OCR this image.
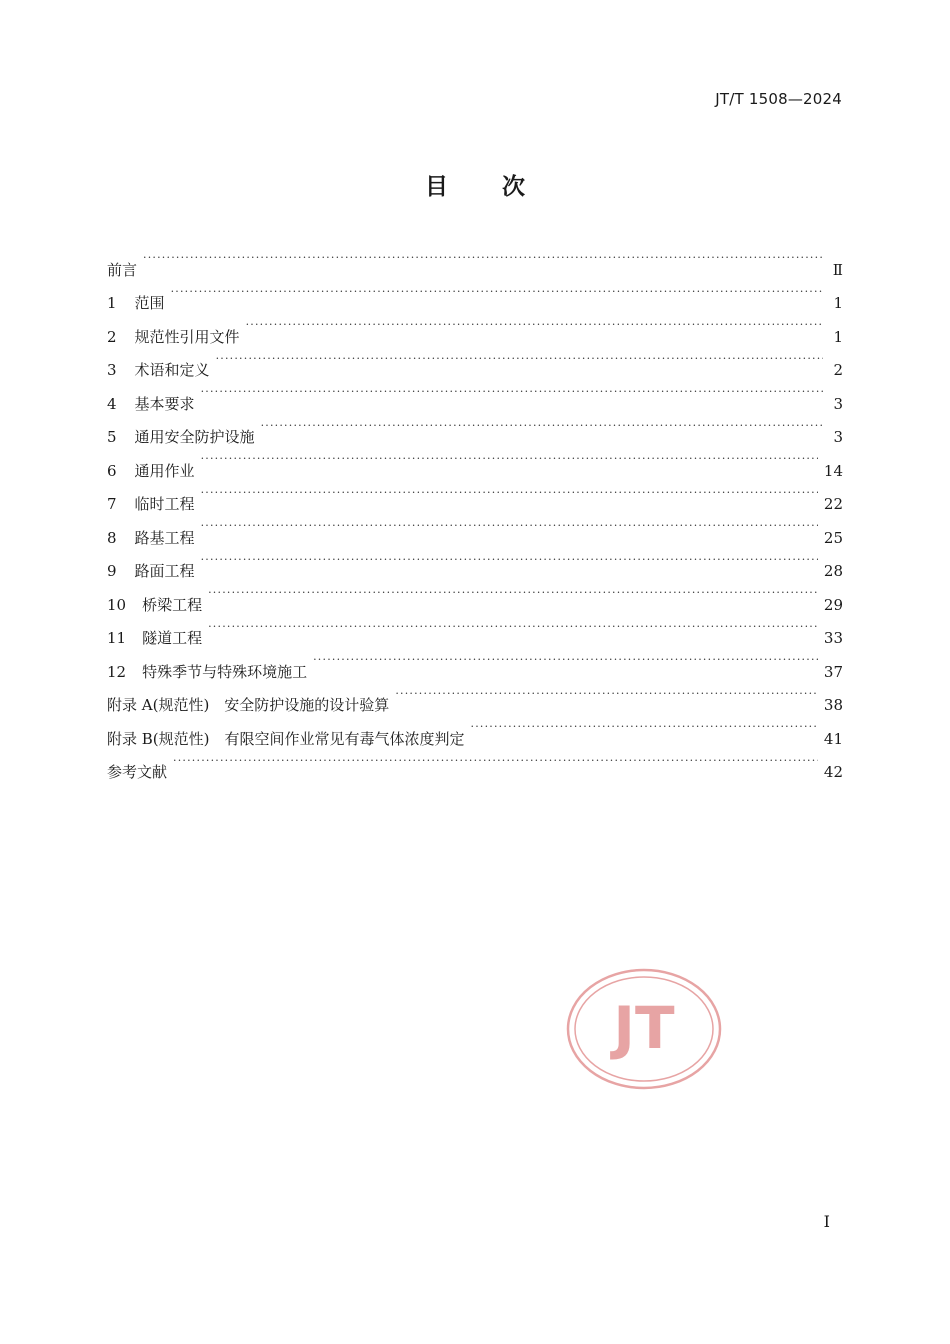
JT/T 1508—2024
目 次
前言 ·····	Ⅱ
1 范围 ·····	1
2 规范性引用文件 ·····	1
3 术语和定义 ·····	2
4 基本要求 ·····	3
5 通用安全防护设施 ·····	3
6 通用作业 ·····	14
7 临时工程 ·····	22
8 路基工程 ·····	25
9 路面工程 ·····	28
10 桥梁工程 ·····	29
11 隧道工程 ·····	33
12 特殊季节与特殊环境施工 ·····	37
附录 A(规范性)　安全防护设施的设计验算 ·····	38
附录 B(规范性)　有限空间作业常见有毒气体浓度判定 ·····	41
参考文献 ·····	42
JT
Ⅰ
